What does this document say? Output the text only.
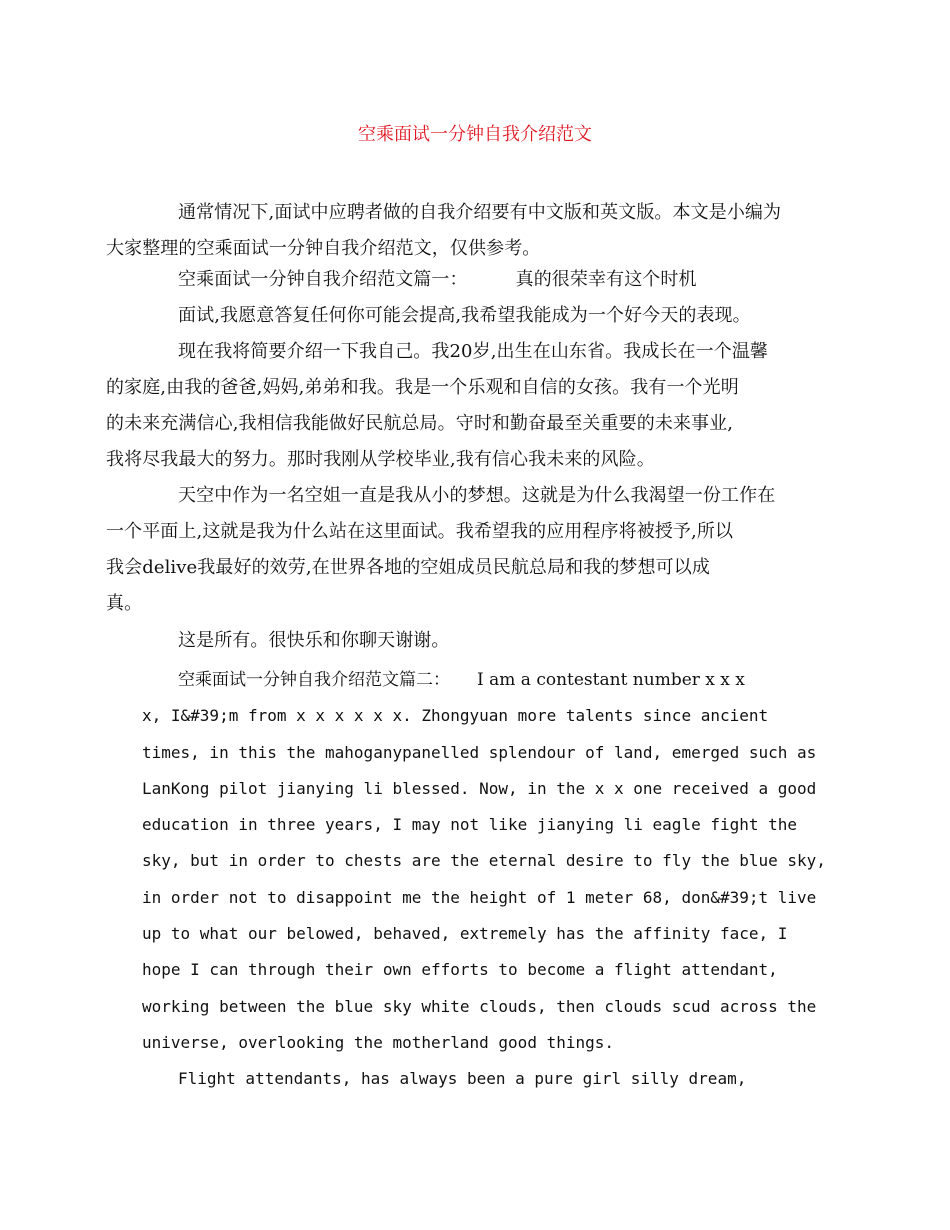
空乘面试一分钟自我介绍范文

通常情况下,面试中应聘者做的自我介绍要有中文版和英文版。本文是小编为
大家整理的空乘面试一分钟自我介绍范文，仅供参考。

空乘面试一分钟自我介绍范文篇一：	真的很荣幸有这个时机

面试,我愿意答复任何你可能会提高,我希望我能成为一个好今天的表现。

现在我将简要介绍一下我自己。我20岁,出生在山东省。我成长在一个温馨
的家庭,由我的爸爸,妈妈,弟弟和我。我是一个乐观和自信的女孩。我有一个光明
的未来充满信心,我相信我能做好民航总局。守时和勤奋最至关重要的未来事业,
我将尽我最大的努力。那时我刚从学校毕业,我有信心我未来的风险。

天空中作为一名空姐一直是我从小的梦想。这就是为什么我渴望一份工作在
一个平面上,这就是我为什么站在这里面试。我希望我的应用程序将被授予,所以
我会delive我最好的效劳,在世界各地的空姐成员民航总局和我的梦想可以成
真。

这是所有。很快乐和你聊天谢谢。

空乘面试一分钟自我介绍范文篇二：     I am a contestant number x x x
x, I&#39;m from x x x x x x. Zhongyuan more talents since ancient
times, in this the mahoganypanelled splendour of land, emerged such as
LanKong pilot jianying li blessed. Now, in the x x one received a good
education in three years, I may not like jianying li eagle fight the
sky, but in order to chests are the eternal desire to fly the blue sky,
in order not to disappoint me the height of 1 meter 68, don&#39;t live
up to what our belowed, behaved, extremely has the affinity face, I
hope I can through their own efforts to become a flight attendant,
working between the blue sky white clouds, then clouds scud across the
universe, overlooking the motherland good things.
Flight attendants, has always been a pure girl silly dream,
